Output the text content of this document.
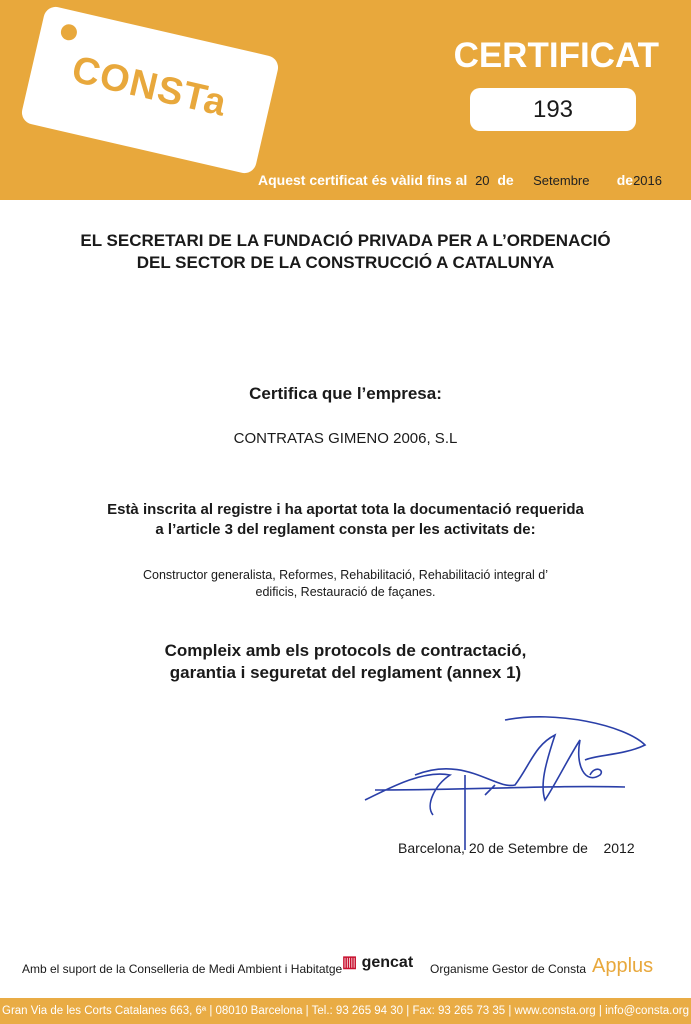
CONSTa	CERTIFICAT
193
Aquest certificat és vàlid fins al 20 de Setembre de2016
EL SECRETARI DE LA FUNDACIÓ PRIVADA PER A L’ORDENACIÓ
DEL SECTOR DE LA CONSTRUCCIÓ A CATALUNYA
Certifica que l’empresa:
CONTRATAS GIMENO 2006, S.L
Està inscrita al registre i ha aportat tota la documentació requerida
a l’article 3 del reglament consta per les activitats de:
Constructor generalista, Reformes, Rehabilitació, Rehabilitació integral d’
edificis, Restauració de façanes.
Compleix amb els protocols de contractació,
garantia i seguretat del reglament (annex 1)
Barcelona, 20 de Setembre de 2012
Amb el suport de la Conselleria de Medi Ambient i Habitatge ▥ gencat Organisme Gestor de Consta Applus
Gran Via de les Corts Catalanes 663, 6ª | 08010 Barcelona | Tel.: 93 265 94 30 | Fax: 93 265 73 35 | www.consta.org | info@consta.org
